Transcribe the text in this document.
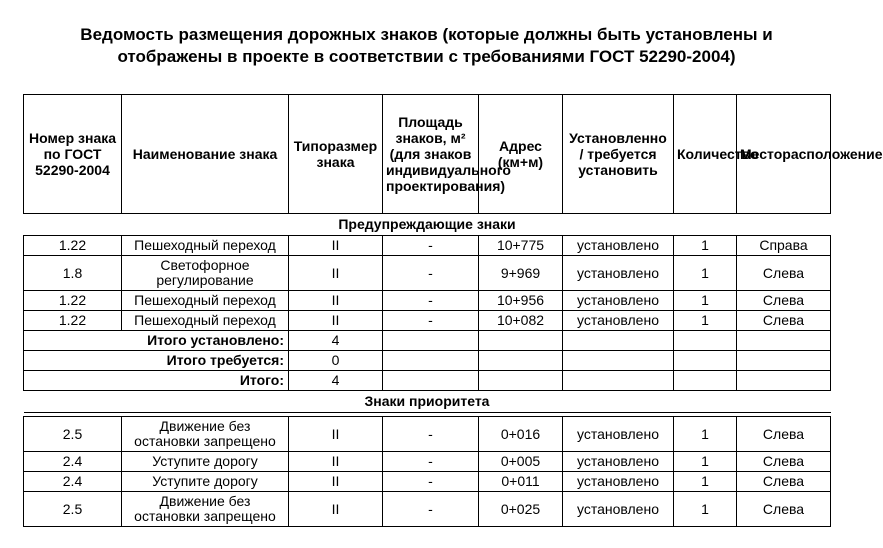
Ведомость размещения дорожных знаков (которые должны быть установлены и
отображены в проекте в соответствии с требованиями ГОСТ 52290-2004)
Номер знака по ГОСТ 52290-2004	Наименование знака	Типоразмер знака	Площадь знаков, м² (для знаков индивидуального проектирования)	Адрес (км+м)	Установленно / требуется установить	Количество	Месторасположение
Предупреждающие знаки							
1.22	Пешеходный переход	II	-	10+775	установлено	1	Справа
1.8	Светофорное регулирование	II	-	9+969	установлено	1	Слева
1.22	Пешеходный переход	II	-	10+956	установлено	1	Слева
1.22	Пешеходный переход	II	-	10+082	установлено	1	Слева
Итого установлено:		4					
Итого требуется:		0					
Итого:		4					
Знаки приоритета							

2.5	Движение без остановки запрещено	II	-	0+016	установлено	1	Слева
2.4	Уступите дорогу	II	-	0+005	установлено	1	Слева
2.4	Уступите дорогу	II	-	0+011	установлено	1	Слева
2.5	Движение без остановки запрещено	II	-	0+025	установлено	1	Слева
